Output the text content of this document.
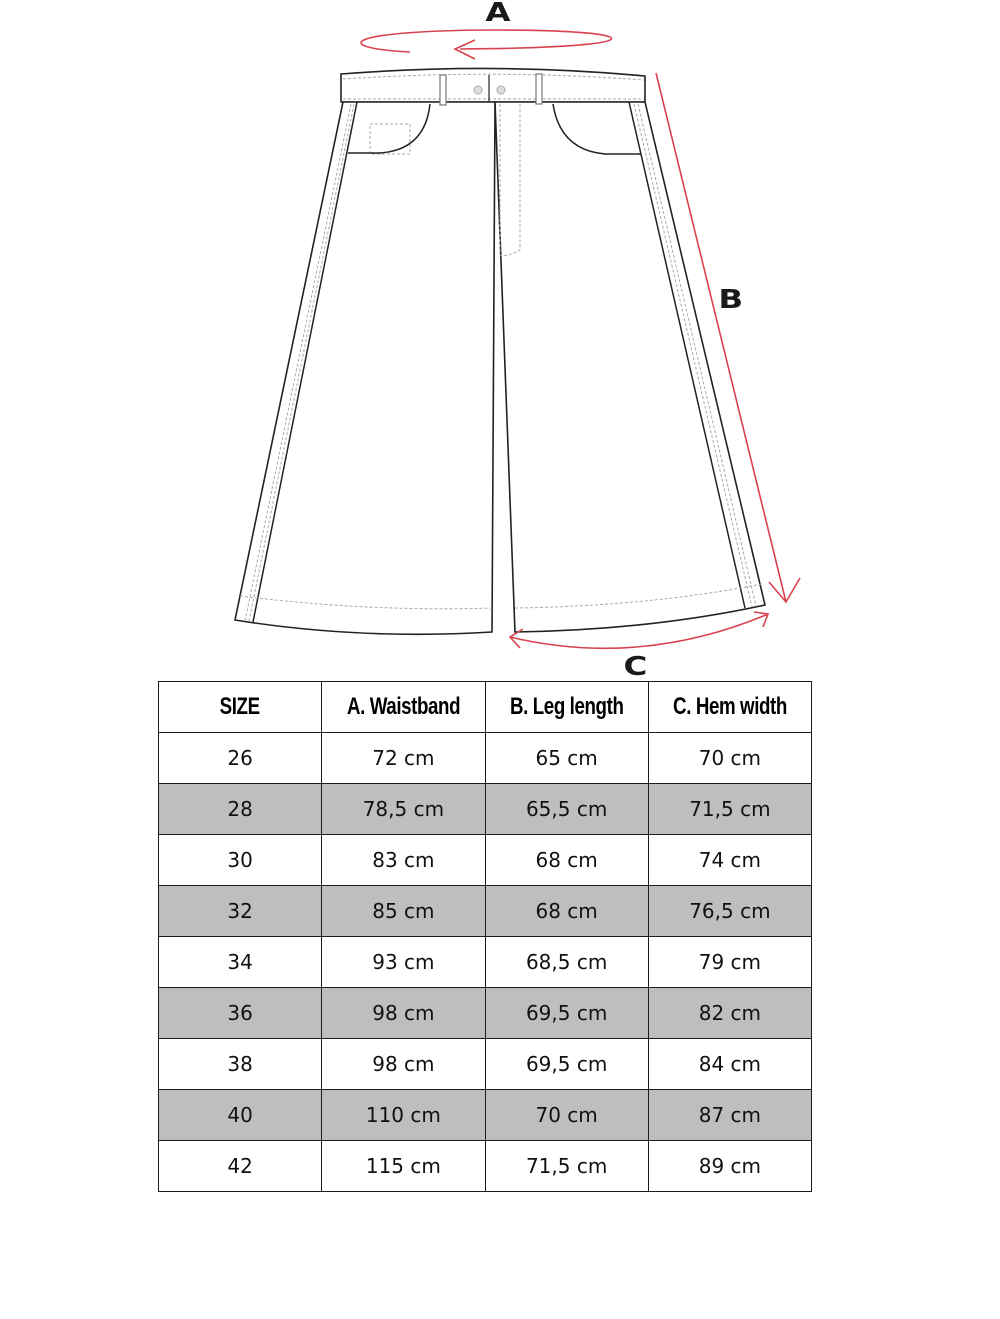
A
B
C
SIZE	A. Waistband	B. Leg length	C. Hem width
26	72 cm	65 cm	70 cm
28	78,5 cm	65,5 cm	71,5 cm
30	83 cm	68 cm	74 cm
32	85 cm	68 cm	76,5 cm
34	93 cm	68,5 cm	79 cm
36	98 cm	69,5 cm	82 cm
38	98 cm	69,5 cm	84 cm
40	110 cm	70 cm	87 cm
42	115 cm	71,5 cm	89 cm
